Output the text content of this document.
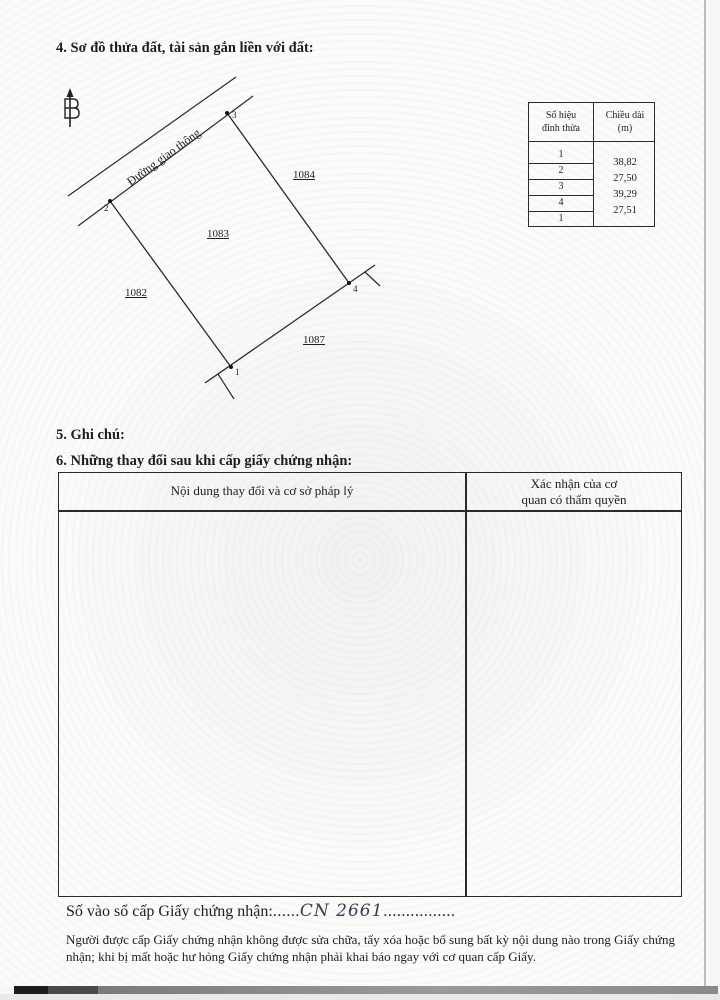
4. Sơ đồ thửa đất, tài sản gắn liền với đất:
Đường giao thông
2
3
4
1
1083
1082
1084
1087
Số hiệu
đỉnh thửa
Chiều dài
(m)
1
2
3
4
1
38,82
27,50
39,29
27,51
5. Ghi chú:
6. Những thay đổi sau khi cấp giấy chứng nhận:
Nội dung thay đổi và cơ sở pháp lý	Xác nhận của cơ
quan có thẩm quyền
Số vào sổ cấp Giấy chứng nhận:......CN 2661................
Người được cấp Giấy chứng nhận không được sửa chữa, tẩy xóa hoặc bổ sung bất kỳ nội dung nào trong Giấy chứng nhận; khi bị mất hoặc hư hỏng Giấy chứng nhận phải khai báo ngay với cơ quan cấp Giấy.
